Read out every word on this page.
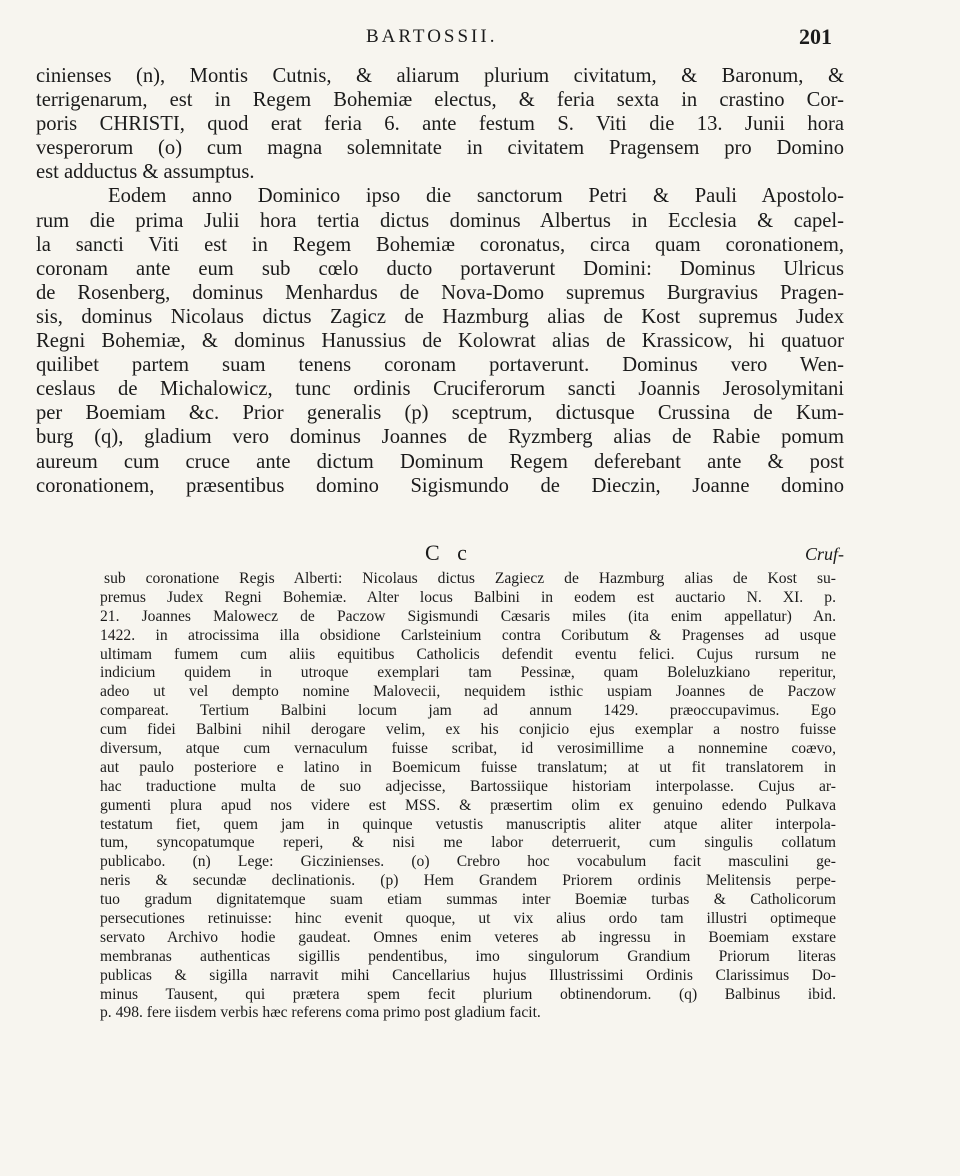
BARTOSSII.	201
cinienses (n), Montis Cutnis, & aliarum plurium civitatum, & Baronum, &
terrigenarum, est in Regem Bohemiæ electus, & feria sexta in crastino Cor-
poris CHRISTI, quod erat feria 6. ante festum S. Viti die 13. Junii hora
vesperorum (o) cum magna solemnitate in civitatem Pragensem pro Domino
est adductus & assumptus.
Eodem anno Dominico ipso die sanctorum Petri & Pauli Apostolo-
rum die prima Julii hora tertia dictus dominus Albertus in Ecclesia & capel-
la sancti Viti est in Regem Bohemiæ coronatus, circa quam coronationem,
coronam ante eum sub cœlo ducto portaverunt Domini: Dominus Ulricus
de Rosenberg, dominus Menhardus de Nova-Domo supremus Burgravius Pragen-
sis, dominus Nicolaus dictus Zagicz de Hazmburg alias de Kost supremus Judex
Regni Bohemiæ, & dominus Hanussius de Kolowrat alias de Krassicow, hi quatuor
quilibet partem suam tenens coronam portaverunt. Dominus vero Wen-
ceslaus de Michalowicz, tunc ordinis Cruciferorum sancti Joannis Jerosolymitani
per Boemiam &c. Prior generalis (p) sceptrum, dictusque Crussina de Kum-
burg (q), gladium vero dominus Joannes de Ryzmberg alias de Rabie pomum
aureum cum cruce ante dictum Dominum Regem deferebant ante & post
coronationem, præsentibus domino Sigismundo de Dieczin, Joanne domino
C c	Cruf-
sub coronatione Regis Alberti: Nicolaus dictus Zagiecz de Hazmburg alias de Kost su-
premus Judex Regni Bohemiæ. Alter locus Balbini in eodem est auctario N. XI. p.
21. Joannes Malowecz de Paczow Sigismundi Cæsaris miles (ita enim appellatur) An.
1422. in atrocissima illa obsidione Carlsteinium contra Coributum & Pragenses ad usque
ultimam fumem cum aliis equitibus Catholicis defendit eventu felici. Cujus rursum ne
indicium quidem in utroque exemplari tam Pessinæ, quam Boleluzkiano reperitur,
adeo ut vel dempto nomine Malovecii, nequidem isthic uspiam Joannes de Paczow
compareat. Tertium Balbini locum jam ad annum 1429. præoccupavimus. Ego
cum fidei Balbini nihil derogare velim, ex his conjicio ejus exemplar a nostro fuisse
diversum, atque cum vernaculum fuisse scribat, id verosimillime a nonnemine coævo,
aut paulo posteriore e latino in Boemicum fuisse translatum; at ut fit translatorem in
hac traductione multa de suo adjecisse, Bartossiique historiam interpolasse. Cujus ar-
gumenti plura apud nos videre est MSS. & præsertim olim ex genuino edendo Pulkava
testatum fiet, quem jam in quinque vetustis manuscriptis aliter atque aliter interpola-
tum, syncopatumque reperi, & nisi me labor deterruerit, cum singulis collatum
publicabo. (n) Lege: Giczinienses. (o) Crebro hoc vocabulum facit masculini ge-
neris & secundæ declinationis. (p) Hem Grandem Priorem ordinis Melitensis perpe-
tuo gradum dignitatemque suam etiam summas inter Boemiæ turbas & Catholicorum
persecutiones retinuisse: hinc evenit quoque, ut vix alius ordo tam illustri optimeque
servato Archivo hodie gaudeat. Omnes enim veteres ab ingressu in Boemiam exstare
membranas authenticas sigillis pendentibus, imo singulorum Grandium Priorum literas
publicas & sigilla narravit mihi Cancellarius hujus Illustrissimi Ordinis Clarissimus Do-
minus Tausent, qui prætera spem fecit plurium obtinendorum. (q) Balbinus ibid.
p. 498. fere iisdem verbis hæc referens coma primo post gladium facit.
